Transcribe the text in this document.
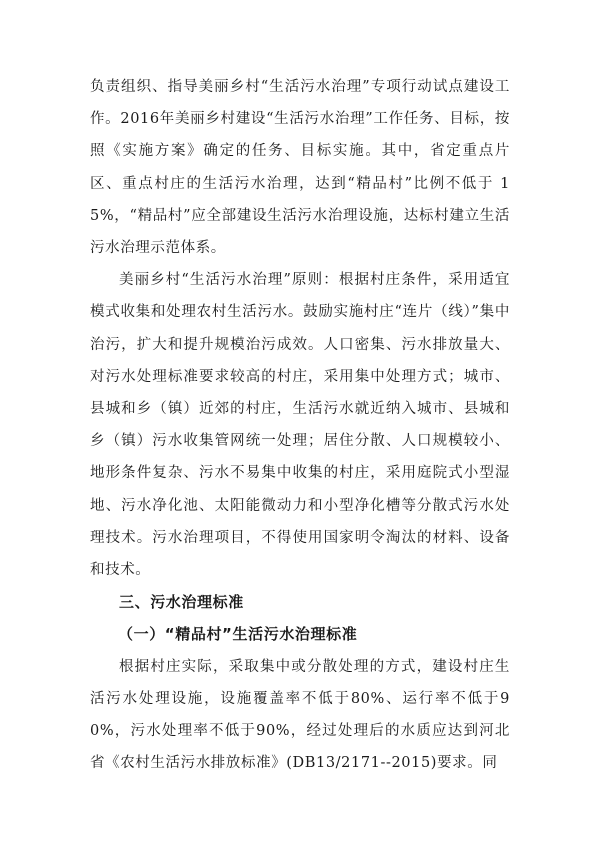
负责组织、指导美丽乡村“生活污水治理”专项行动试点建设工作。2016年美丽乡村建设“生活污水治理”工作任务、目标，按照《实施方案》确定的任务、目标实施。其中，省定重点片区、重点村庄的生活污水治理，达到“精品村”比例不低于 15%，“精品村”应全部建设生活污水治理设施，达标村建立生活污水治理示范体系。

美丽乡村“生活污水治理”原则：根据村庄条件，采用适宜模式收集和处理农村生活污水。鼓励实施村庄“连片（线）”集中治污，扩大和提升规模治污成效。人口密集、污水排放量大、对污水处理标准要求较高的村庄，采用集中处理方式；城市、县城和乡（镇）近郊的村庄，生活污水就近纳入城市、县城和乡（镇）污水收集管网统一处理；居住分散、人口规模较小、地形条件复杂、污水不易集中收集的村庄，采用庭院式小型湿地、污水净化池、太阳能微动力和小型净化槽等分散式污水处理技术。污水治理项目，不得使用国家明令淘汰的材料、设备和技术。

三、污水治理标准

（一）“精品村”生活污水治理标准

根据村庄实际，采取集中或分散处理的方式，建设村庄生活污水处理设施，设施覆盖率不低于80%、运行率不低于90%，污水处理率不低于90%，经过处理后的水质应达到河北省《农村生活污水排放标准》(DB13/2171--2015)要求。同
